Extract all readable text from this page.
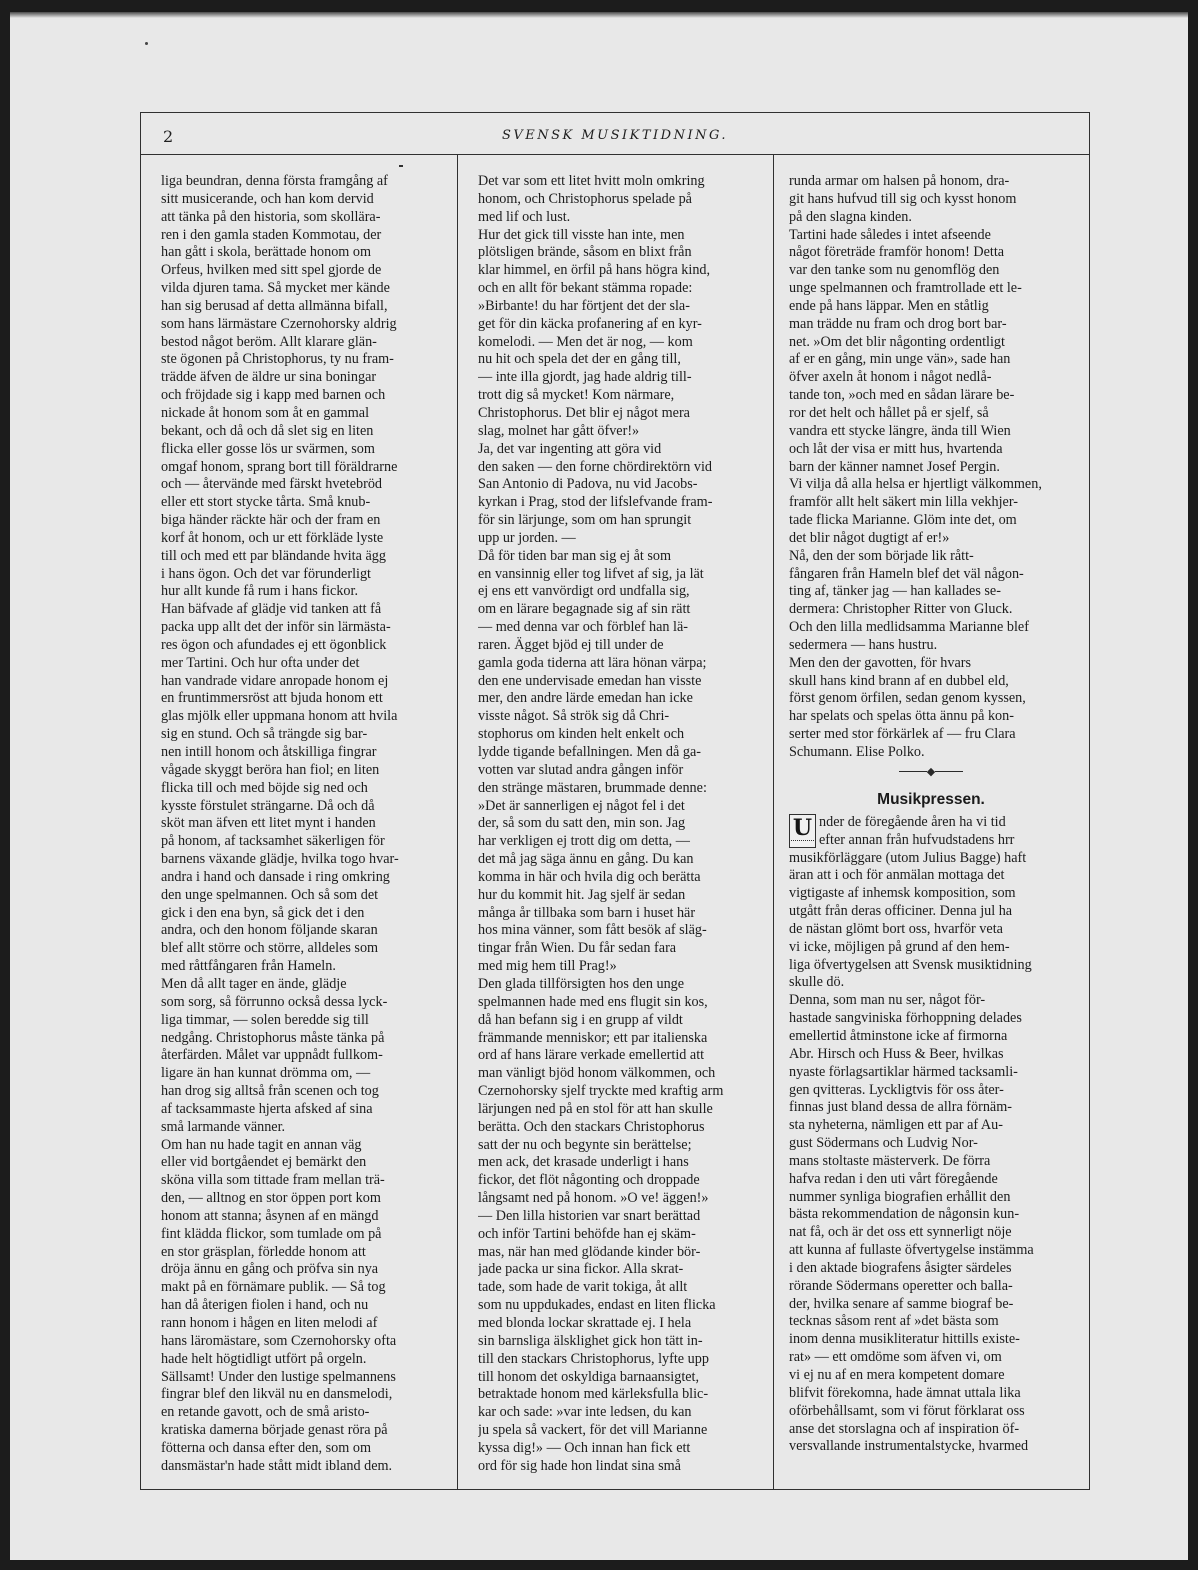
2	SVENSK MUSIKTIDNING.
liga beundran, denna första framgång af
sitt musicerande, och han kom dervid
att tänka på den historia, som skollära-
ren i den gamla staden Kommotau, der
han gått i skola, berättade honom om
Orfeus, hvilken med sitt spel gjorde de
vilda djuren tama. Så mycket mer kände
han sig berusad af detta allmänna bifall,
som hans lärmästare Czernohorsky aldrig
bestod något beröm. Allt klarare glän-
ste ögonen på Christophorus, ty nu fram-
trädde äfven de äldre ur sina boningar
och fröjdade sig i kapp med barnen och
nickade åt honom som åt en gammal
bekant, och då och då slet sig en liten
flicka eller gosse lös ur svärmen, som
omgaf honom, sprang bort till föräldrarne
och — återvände med färskt hvetebröd
eller ett stort stycke tårta. Små knub-
biga händer räckte här och der fram en
korf åt honom, och ur ett förkläde lyste
till och med ett par bländande hvita ägg
i hans ögon. Och det var förunderligt
hur allt kunde få rum i hans fickor.
Han bäfvade af glädje vid tanken att få
packa upp allt det der inför sin lärmästa-
res ögon och afundades ej ett ögonblick
mer Tartini. Och hur ofta under det
han vandrade vidare anropade honom ej
en fruntimmersröst att bjuda honom ett
glas mjölk eller uppmana honom att hvila
sig en stund. Och så trängde sig bar-
nen intill honom och åtskilliga fingrar
vågade skyggt beröra han fiol; en liten
flicka till och med böjde sig ned och
kysste förstulet strängarne. Då och då
sköt man äfven ett litet mynt i handen
på honom, af tacksamhet säkerligen för
barnens växande glädje, hvilka togo hvar-
andra i hand och dansade i ring omkring
den unge spelmannen. Och så som det
gick i den ena byn, så gick det i den
andra, och den honom följande skaran
blef allt större och större, alldeles som
med råttfångaren från Hameln.
Men då allt tager en ände, glädje
som sorg, så förrunno också dessa lyck-
liga timmar, — solen beredde sig till
nedgång. Christophorus måste tänka på
återfärden. Målet var uppnådt fullkom-
ligare än han kunnat drömma om, —
han drog sig alltså från scenen och tog
af tacksammaste hjerta afsked af sina
små larmande vänner.
Om han nu hade tagit en annan väg
eller vid bortgåendet ej bemärkt den
sköna villa som tittade fram mellan trä-
den, — alltnog en stor öppen port kom
honom att stanna; åsynen af en mängd
fint klädda flickor, som tumlade om på
en stor gräsplan, förledde honom att
dröja ännu en gång och pröfva sin nya
makt på en förnämare publik. — Så tog
han då återigen fiolen i hand, och nu
rann honom i hågen en liten melodi af
hans läromästare, som Czernohorsky ofta
hade helt högtidligt utfört på orgeln.
Sällsamt! Under den lustige spelmannens
fingrar blef den likväl nu en dansmelodi,
en retande gavott, och de små aristo-
kratiska damerna började genast röra på
fötterna och dansa efter den, som om
dansmästar'n hade stått midt ibland dem.
Det var som ett litet hvitt moln omkring
honom, och Christophorus spelade på
med lif och lust.
Hur det gick till visste han inte, men
plötsligen brände, såsom en blixt från
klar himmel, en örfil på hans högra kind,
och en allt för bekant stämma ropade:
»Birbante! du har förtjent det der sla-
get för din käcka profanering af en kyr-
komelodi. — Men det är nog, — kom
nu hit och spela det der en gång till,
— inte illa gjordt, jag hade aldrig till-
trott dig så mycket! Kom närmare,
Christophorus. Det blir ej något mera
slag, molnet har gått öfver!»
Ja, det var ingenting att göra vid
den saken — den forne chördirektörn vid
San Antonio di Padova, nu vid Jacobs-
kyrkan i Prag, stod der lifslefvande fram-
för sin lärjunge, som om han sprungit
upp ur jorden. —
Då för tiden bar man sig ej åt som
en vansinnig eller tog lifvet af sig, ja lät
ej ens ett vanvördigt ord undfalla sig,
om en lärare begagnade sig af sin rätt
— med denna var och förblef han lä-
raren. Ägget bjöd ej till under de
gamla goda tiderna att lära hönan värpa;
den ene undervisade emedan han visste
mer, den andre lärde emedan han icke
visste något. Så strök sig då Chri-
stophorus om kinden helt enkelt och
lydde tigande befallningen. Men då ga-
votten var slutad andra gången inför
den stränge mästaren, brummade denne:
»Det är sannerligen ej något fel i det
der, så som du satt den, min son. Jag
har verkligen ej trott dig om detta, —
det må jag säga ännu en gång. Du kan
komma in här och hvila dig och berätta
hur du kommit hit. Jag sjelf är sedan
många år tillbaka som barn i huset här
hos mina vänner, som fått besök af släg-
tingar från Wien. Du får sedan fara
med mig hem till Prag!»
Den glada tillförsigten hos den unge
spelmannen hade med ens flugit sin kos,
då han befann sig i en grupp af vildt
främmande menniskor; ett par italienska
ord af hans lärare verkade emellertid att
man vänligt bjöd honom välkommen, och
Czernohorsky sjelf tryckte med kraftig arm
lärjungen ned på en stol för att han skulle
berätta. Och den stackars Christophorus
satt der nu och begynte sin berättelse;
men ack, det krasade underligt i hans
fickor, det flöt någonting och droppade
långsamt ned på honom. »O ve! äggen!»
— Den lilla historien var snart berättad
och inför Tartini behöfde han ej skäm-
mas, när han med glödande kinder bör-
jade packa ur sina fickor. Alla skrat-
tade, som hade de varit tokiga, åt allt
som nu uppdukades, endast en liten flicka
med blonda lockar skrattade ej. I hela
sin barnsliga älsklighet gick hon tätt in-
till den stackars Christophorus, lyfte upp
till honom det oskyldiga barnaansigtet,
betraktade honom med kärleksfulla blic-
kar och sade: »var inte ledsen, du kan
ju spela så vackert, för det vill Marianne
kyssa dig!» — Och innan han fick ett
ord för sig hade hon lindat sina små
runda armar om halsen på honom, dra-
git hans hufvud till sig och kysst honom
på den slagna kinden.
Tartini hade således i intet afseende
något företräde framför honom! Detta
var den tanke som nu genomflög den
unge spelmannen och framtrollade ett le-
ende på hans läppar. Men en ståtlig
man trädde nu fram och drog bort bar-
net. »Om det blir någonting ordentligt
af er en gång, min unge vän», sade han
öfver axeln åt honom i något nedlå-
tande ton, »och med en sådan lärare be-
ror det helt och hållet på er sjelf, så
vandra ett stycke längre, ända till Wien
och låt der visa er mitt hus, hvartenda
barn der känner namnet Josef Pergin.
Vi vilja då alla helsa er hjertligt välkommen,
framför allt helt säkert min lilla vekhjer-
tade flicka Marianne. Glöm inte det, om
det blir något dugtigt af er!»
Nå, den der som började lik rått-
fångaren från Hameln blef det väl någon-
ting af, tänker jag — han kallades se-
dermera: Christopher Ritter von Gluck.
Och den lilla medlidsamma Marianne blef
sedermera — hans hustru.
Men den der gavotten, för hvars
skull hans kind brann af en dubbel eld,
först genom örfilen, sedan genom kyssen,
har spelats och spelas ötta ännu på kon-
serter med stor förkärlek af — fru Clara
Schumann. Elise Polko.
◆
Musikpressen.
U nder de föregående åren ha vi tid
efter annan från hufvudstadens hrr
musikförläggare (utom Julius Bagge) haft
äran att i och för anmälan mottaga det
vigtigaste af inhemsk komposition, som
utgått från deras officiner. Denna jul ha
de nästan glömt bort oss, hvarför veta
vi icke, möjligen på grund af den hem-
liga öfvertygelsen att Svensk musiktidning
skulle dö.
Denna, som man nu ser, något för-
hastade sangviniska förhoppning delades
emellertid åtminstone icke af firmorna
Abr. Hirsch och Huss & Beer, hvilkas
nyaste förlagsartiklar härmed tacksamli-
gen qvitteras. Lyckligtvis för oss åter-
finnas just bland dessa de allra förnäm-
sta nyheterna, nämligen ett par af Au-
gust Södermans och Ludvig Nor-
mans stoltaste mästerverk. De förra
hafva redan i den uti vårt föregående
nummer synliga biografien erhållit den
bästa rekommendation de någonsin kun-
nat få, och är det oss ett synnerligt nöje
att kunna af fullaste öfvertygelse instämma
i den aktade biografens åsigter särdeles
rörande Södermans operetter och balla-
der, hvilka senare af samme biograf be-
tecknas såsom rent af »det bästa som
inom denna musikliteratur hittills existe-
rat» — ett omdöme som äfven vi, om
vi ej nu af en mera kompetent domare
blifvit förekomna, hade ämnat uttala lika
oförbehållsamt, som vi förut förklarat oss
anse det storslagna och af inspiration öf-
versvallande instrumentalstycke, hvarmed
